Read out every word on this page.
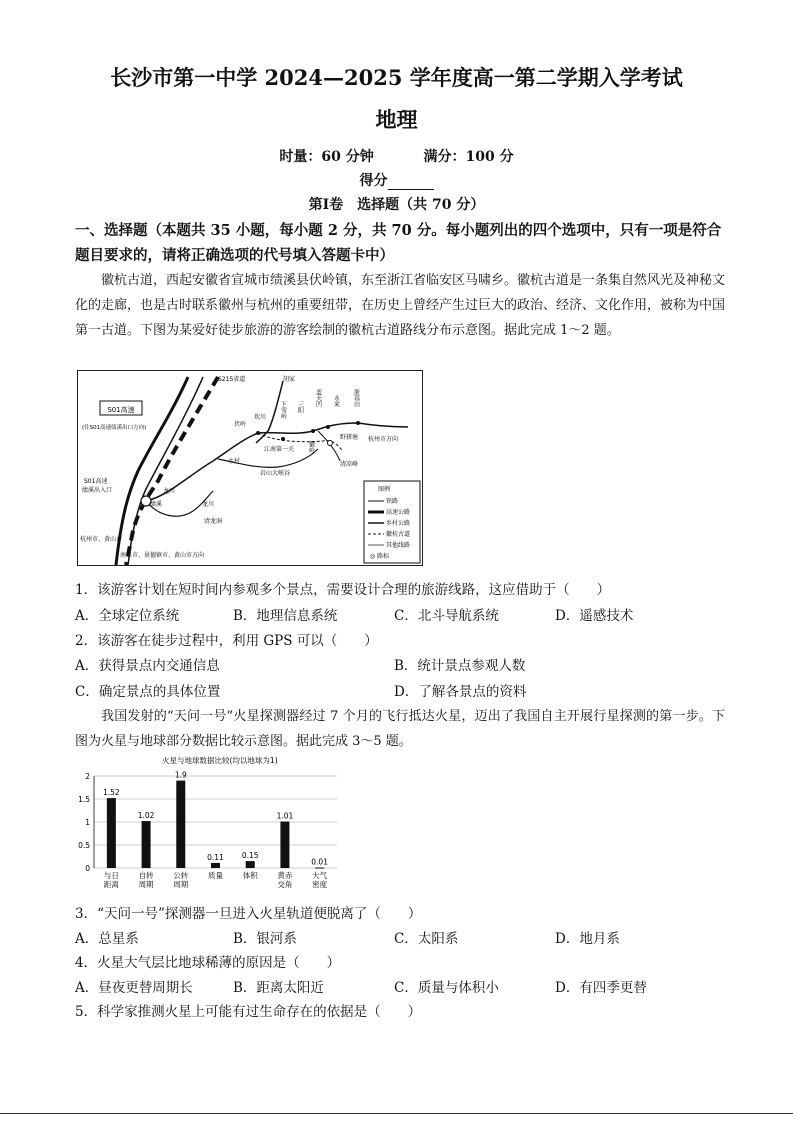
长沙市第一中学 2024—2025 学年度高一第二学期入学考试
地理
时量：60 分钟	满分：100 分
得分
第Ⅰ卷　选择题（共 70 分）
一、选择题（本题共 35 小题，每小题 2 分，共 70 分。每小题列出的四个选项中，只有一项是符合题目要求的，请将正确选项的代号填入答题卡中）
徽杭古道，西起安徽省宣城市绩溪县伏岭镇，东至浙江省临安区马啸乡。徽杭古道是一条集自然风光及神秘文化的走廊，也是古时联系徽州与杭州的重要纽带，在历史上曾经产生过巨大的政治、经济、文化作用，被称为中国第一古道。下图为某爱好徒步旅游的游客绘制的徽杭古道路线分布示意图。据此完成 1～2 题。
S01高速
(往S01高速绩溪出口方向)
S01高速
绩溪出入口
S215省道	胡家
坎川
伏岭
水村
江南第一关
下雪岭 三阳 蓝天凹 永来 浙基田
杭州市方向
徽岭
野猪塘
清凉峰
岩山大峡谷
龙川
绩溪	龙川
清龙洞
杭州市、黄山市
南昌市、景德镇市、黄山市方向
图例
铁路
高速公路
乡村公路
徽杭古道
其他线路
◎ 路标
1．该游客计划在短时间内参观多个景点，需要设计合理的旅游线路，这应借助于（　　）
A．全球定位系统	B．地理信息系统	C．北斗导航系统	D．遥感技术
2．该游客在徒步过程中，利用 GPS 可以（　　）
A．获得景点内交通信息	B．统计景点参观人数
C．确定景点的具体位置	D．了解各景点的资料
我国发射的“天问一号”火星探测器经过 7 个月的飞行抵达火星，迈出了我国自主开展行星探测的第一步。下图为火星与地球部分数据比较示意图。据此完成 3～5 题。
火星与地球数据比较(均以地球为1)
0
0.5
1
1.5
2
1.52
与日
距离
1.02
自转
周期
1.9
公转
周期
0.11
质量
0.15
体积
1.01
黄赤
交角
0.01
大气
密度
3．“天问一号”探测器一旦进入火星轨道便脱离了（　　）
A．总星系	B．银河系	C．太阳系	D．地月系
4．火星大气层比地球稀薄的原因是（　　）
A．昼夜更替周期长	B．距离太阳近	C．质量与体积小	D．有四季更替
5．科学家推测火星上可能有过生命存在的依据是（　　）
